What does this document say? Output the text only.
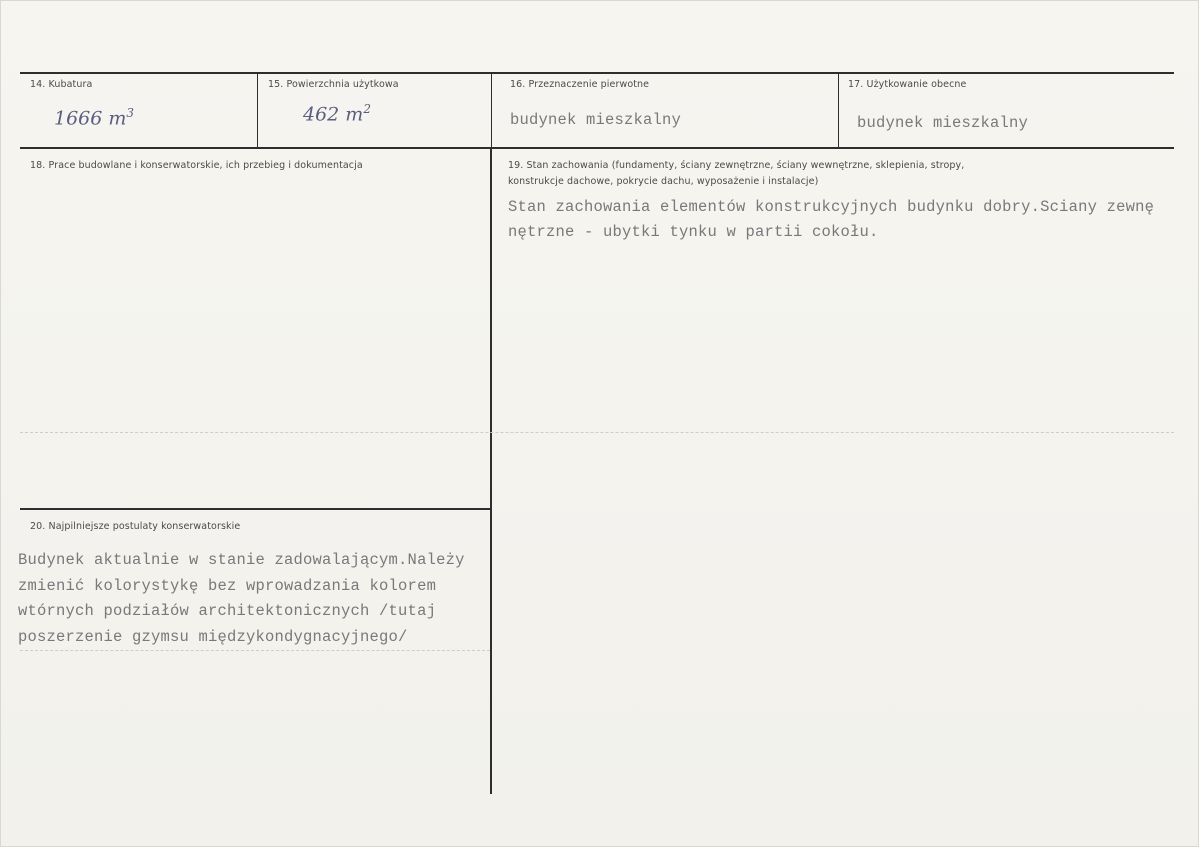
14. Kubatura
1666 $m^3$
15. Powierzchnia użytkowa
462 $m^2$
16. Przeznaczenie pierwotne
budynek mieszkalny
17. Użytkowanie obecne
budynek mieszkalny
18. Prace budowlane i konserwatorskie, ich przebieg i dokumentacja	19. Stan zachowania (fundamenty, ściany zewnętrzne, ściany wewnętrzne, sklepienia, stropy,
konstrukcje dachowe, pokrycie dachu, wyposażenie i instalacje)
Stan zachowania elementów konstrukcyjnych budynku dobry.Sciany zewnę
nętrzne - ubytki tynku w partii cokołu.
20. Najpilniejsze postulaty konserwatorskie
Budynek aktualnie w stanie zadowalającym.Należy
zmienić kolorystykę bez wprowadzania kolorem
wtórnych podziałów architektonicznych /tutaj
poszerzenie gzymsu międzykondygnacyjnego/
